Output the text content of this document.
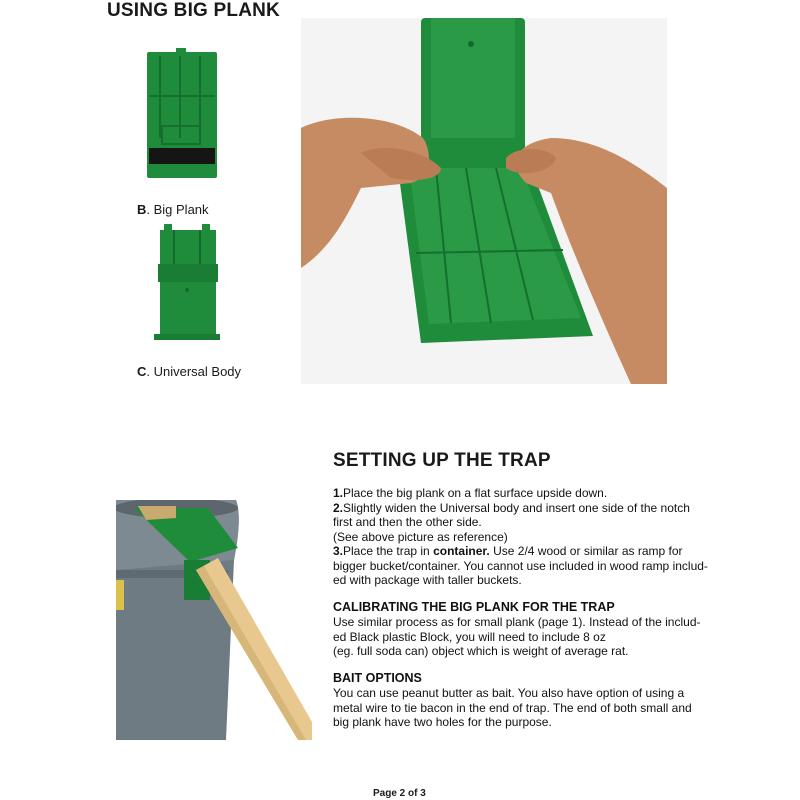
USING BIG PLANK
B. Big Plank
C. Universal Body
SETTING UP THE TRAP

1.Place the big plank on a flat surface upside down.

2.Slightly widen the Universal body and insert one side of the notch

first and then the other side.

(See above picture as reference)

3.Place the trap in container. Use 2/4 wood or similar as ramp for

bigger bucket/container. You cannot use included in wood ramp includ-

ed with package with taller buckets.

CALIBRATING THE BIG PLANK FOR THE TRAP

Use similar process as for small plank (page 1). Instead of the includ-

ed Black plastic Block, you will need to include 8 oz

(eg. full soda can) object which is weight of average rat.

BAIT OPTIONS

You can use peanut butter as bait. You also have option of using a

metal wire to tie bacon in the end of trap. The end of both small and

big plank have two holes for the purpose.

Page 2 of 3
